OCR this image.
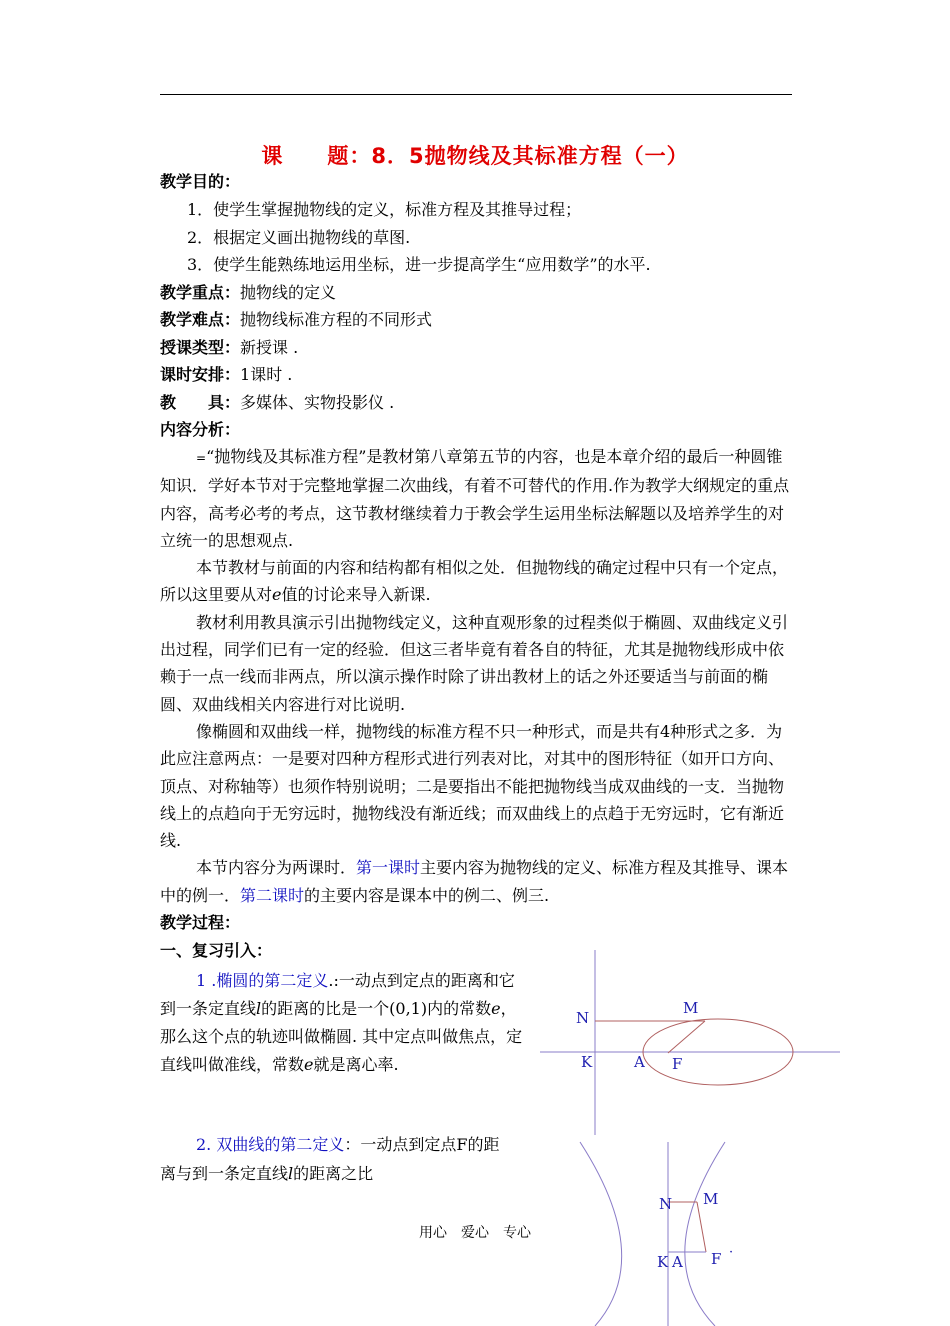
课　　题：8．5抛物线及其标准方程（一）
教学目的：
1．使学生掌握抛物线的定义，标准方程及其推导过程；
2．根据定义画出抛物线的草图.
3．使学生能熟练地运用坐标，进一步提高学生“应用数学”的水平.
教学重点：抛物线的定义
教学难点：抛物线标准方程的不同形式
授课类型：新授课 .
课时安排：1课时 .
教　　具：多媒体、实物投影仪 .
内容分析：

=“抛物线及其标准方程”是教材第八章第五节的内容，也是本章介绍的最后一种圆锥知识．学好本节对于完整地掌握二次曲线，有着不可替代的作用.作为教学大纲规定的重点内容，高考必考的考点，这节教材继续着力于教会学生运用坐标法解题以及培养学生的对立统一的思想观点.

本节教材与前面的内容和结构都有相似之处．但抛物线的确定过程中只有一个定点，所以这里要从对e值的讨论来导入新课.

教材利用教具演示引出抛物线定义，这种直观形象的过程类似于椭圆、双曲线定义引出过程，同学们已有一定的经验．但这三者毕竟有着各自的特征，尤其是抛物线形成中依赖于一点一线而非两点，所以演示操作时除了讲出教材上的话之外还要适当与前面的椭圆、双曲线相关内容进行对比说明.

像椭圆和双曲线一样，抛物线的标准方程不只一种形式，而是共有4种形式之多．为此应注意两点：一是要对四种方程形式进行列表对比，对其中的图形特征（如开口方向、顶点、对称轴等）也须作特别说明；二是要指出不能把抛物线当成双曲线的一支．当抛物线上的点趋向于无穷远时，抛物线没有渐近线；而双曲线上的点趋于无穷远时，它有渐近线.

本节内容分为两课时．第一课时主要内容为抛物线的定义、标准方程及其推导、课本中的例一．第二课时的主要内容是课本中的例二、例三.

教学过程：
一、复习引入：

1 .椭圆的第二定义.:一动点到定点的距离和它到一条定直线l的距离的比是一个(0,1)内的常数e，那么这个点的轨迹叫做椭圆. 其中定点叫做焦点，定直线叫做准线，常数e就是离心率.

2. 双曲线的第二定义：一动点到定点F的距离与到一条定直线l的距离之比

N
M
K	A F
N M
K A F ·
用心　爱心　专心
